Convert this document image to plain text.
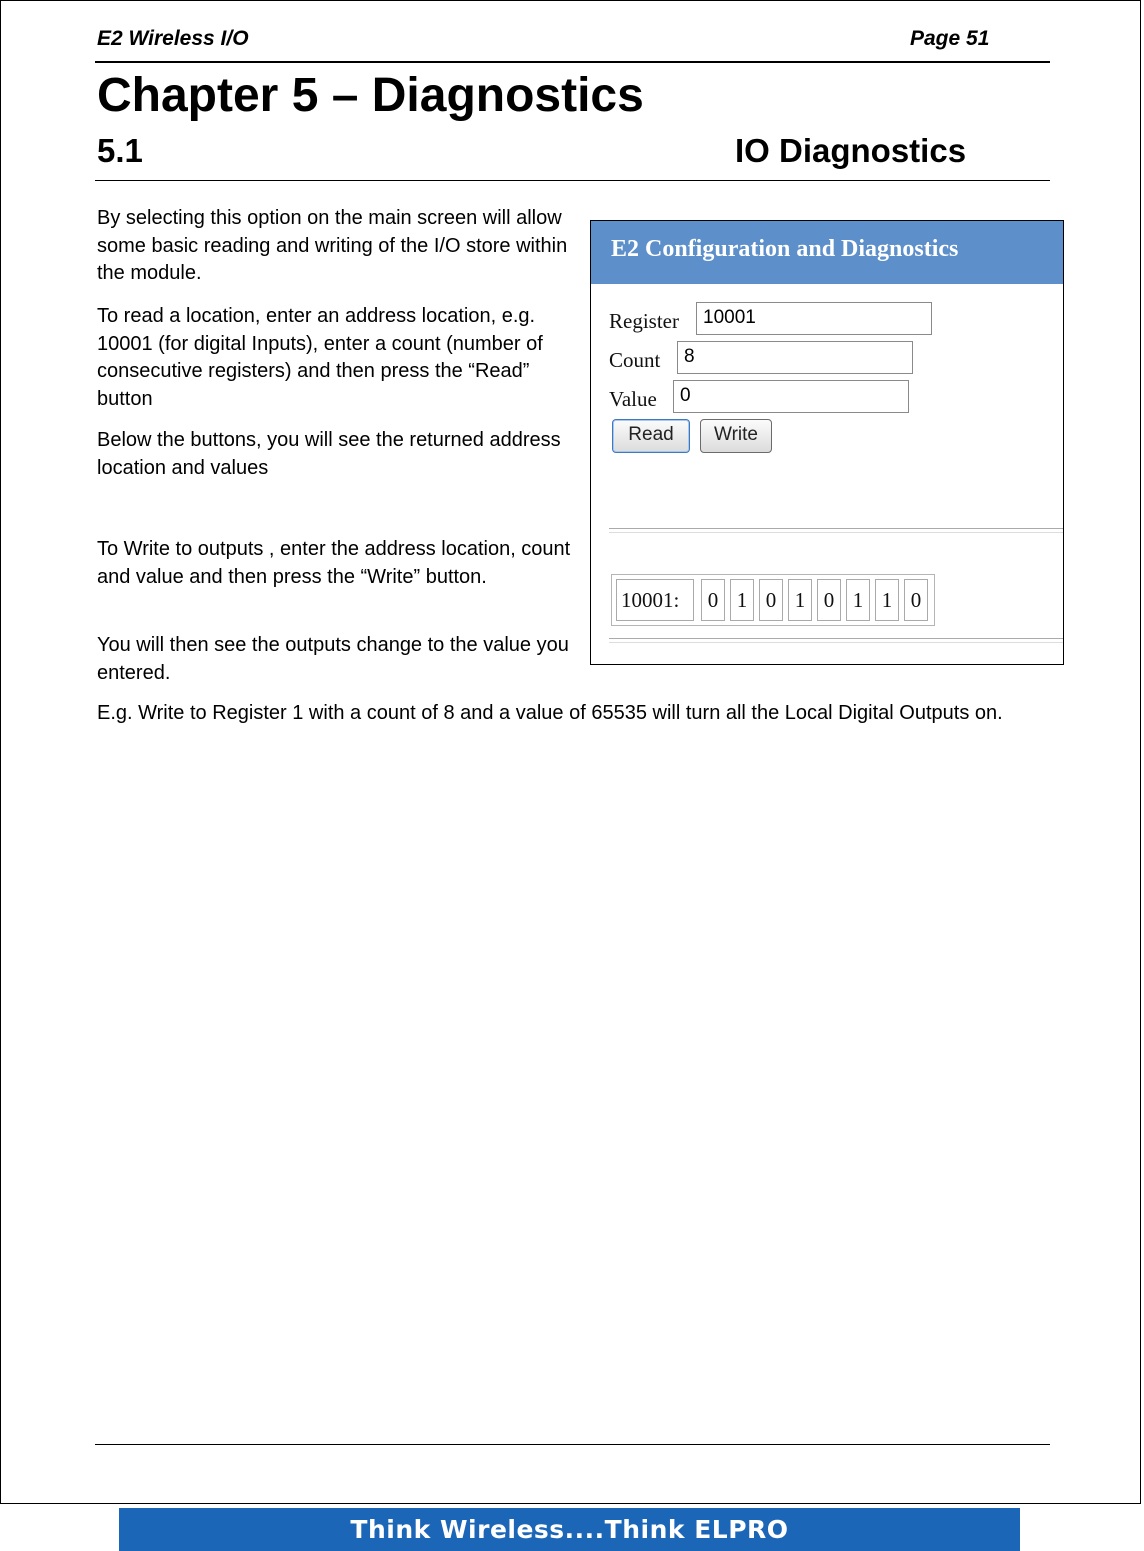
E2 Wireless I/O	Page 51
Chapter 5 – Diagnostics
5.1	IO Diagnostics
By selecting this option on the main screen will allow some basic reading and writing of the I/O store within the module.
To read a location, enter an address location, e.g. 10001 (for digital Inputs), enter a count (number of consecutive registers) and then press the “Read” button
Below the buttons, you will see the returned address location and values
To Write to outputs , enter the address location, count and value and then press the “Write” button.
You will then see the outputs change to the value you entered.
E.g. Write to Register 1 with a count of 8 and a value of 65535 will turn all the Local Digital Outputs on.
E2 Configuration and Diagnostics
Register	10001
Count	8
Value	0
Read	Write
10001:	0 1 0 1 0 1 1 0
Think Wireless....Think ELPRO
